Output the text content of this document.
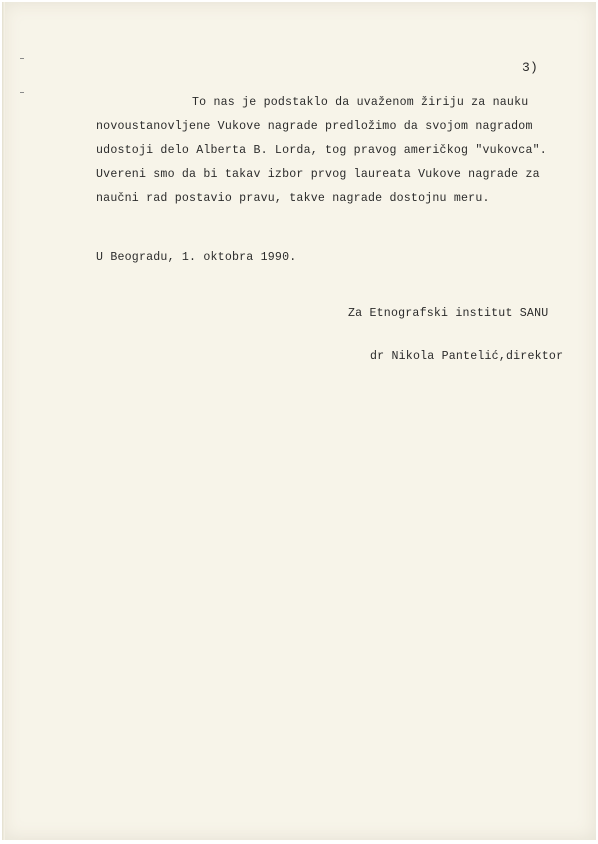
3)
To nas je podstaklo da uvaženom žiriju za nauku
novoustanovljene Vukove nagrade predložimo da svojom nagradom
udostoji delo Alberta B. Lorda, tog pravog američkog "vukovca".
Uvereni smo da bi takav izbor prvog laureata Vukove nagrade za
naučni rad postavio pravu, takve nagrade dostojnu meru.
U Beogradu, 1. oktobra 1990.
Za Etnografski institut SANU
dr Nikola Pantelić,direktor
